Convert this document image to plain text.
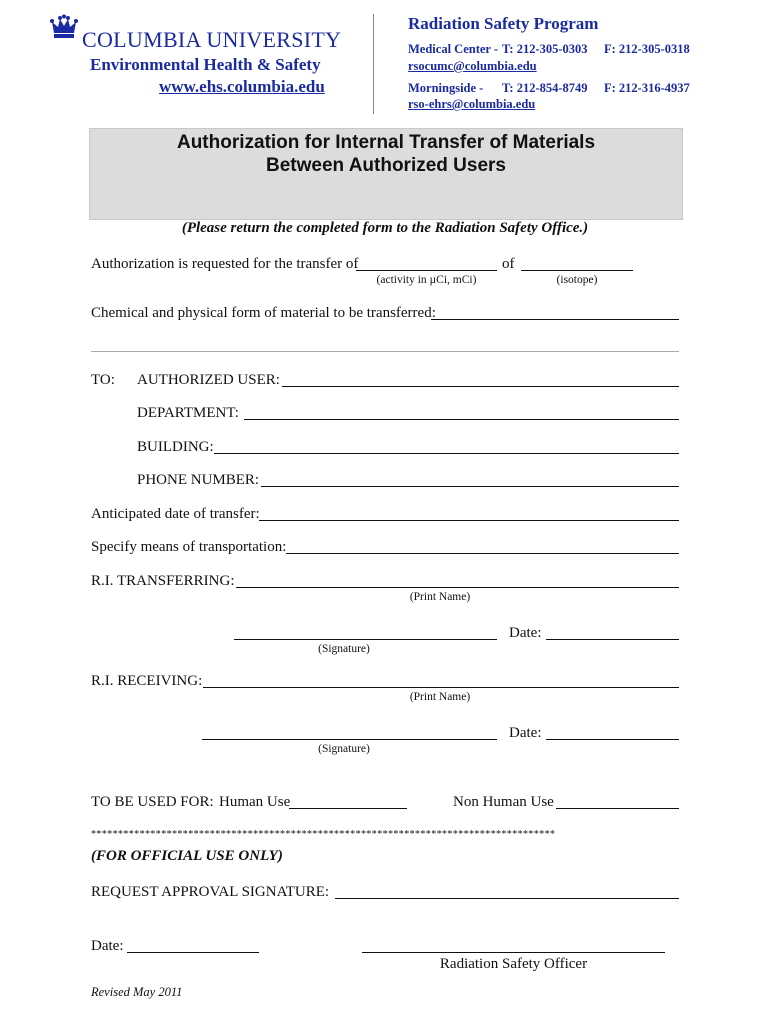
COLUMBIA UNIVERSITY
Environmental Health & Safety
www.ehs.columbia.edu
Radiation Safety Program
Medical Center - T: 212-305-0303 F: 212-305-0318
rsocumc@columbia.edu
Morningside - T: 212-854-8749 F: 212-316-4937
rso-ehrs@columbia.edu
Authorization for Internal Transfer of Materials
Between Authorized Users
(Please return the completed form to the Radiation Safety Office.)
Authorization is requested for the transfer of	of
(activity in µCi, mCi)	(isotope)
Chemical and physical form of material to be transferred:
TO: AUTHORIZED USER:
DEPARTMENT:
BUILDING:
PHONE NUMBER:
Anticipated date of transfer:
Specify means of transportation:
R.I. TRANSFERRING:
(Print Name)
(Signature)
Date:
R.I. RECEIVING:
(Print Name)
(Signature)
Date:
TO BE USED FOR: Human Use	Non Human Use
**************************************************************************************
(FOR OFFICIAL USE ONLY)
REQUEST APPROVAL SIGNATURE:
Date:
Radiation Safety Officer
Revised May 2011
